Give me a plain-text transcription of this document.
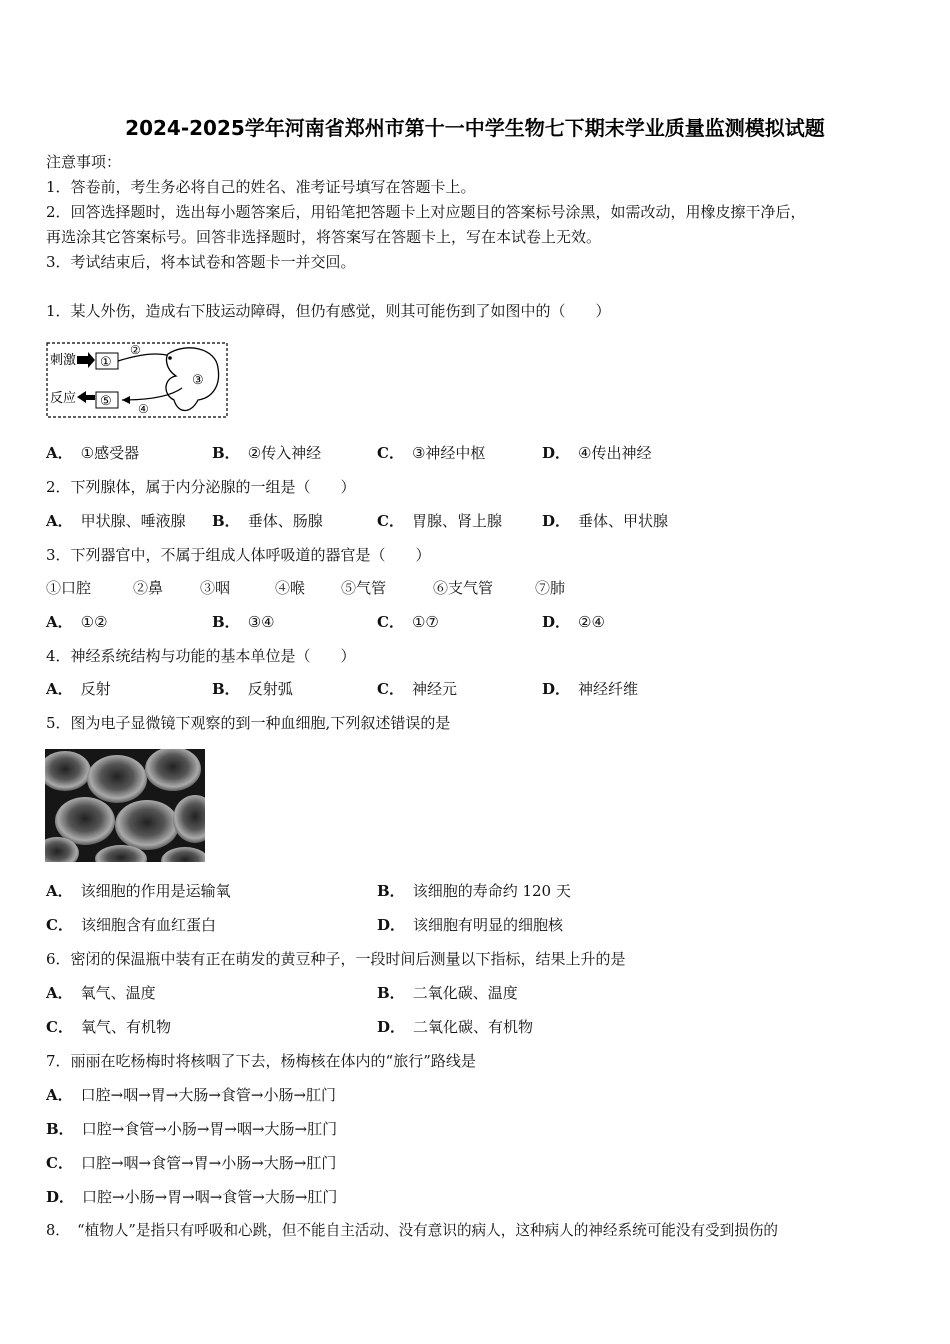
2024-2025学年河南省郑州市第十一中学生物七下期末学业质量监测模拟试题
注意事项：
1．答卷前，考生务必将自己的姓名、准考证号填写在答题卡上。
2．回答选择题时，选出每小题答案后，用铅笔把答题卡上对应题目的答案标号涂黑，如需改动，用橡皮擦干净后，
再选涂其它答案标号。回答非选择题时，将答案写在答题卡上，写在本试卷上无效。
3．考试结束后，将本试卷和答题卡一并交回。
1．某人外伤，造成右下肢运动障碍，但仍有感觉，则其可能伤到了如图中的（　　）
刺激 ①
反应 ⑤
②
③
④
A． ①感受器	B． ②传入神经	C． ③神经中枢	D． ④传出神经
2．下列腺体，属于内分泌腺的一组是（　　）
A． 甲状腺、唾液腺 B． 垂体、肠腺	C． 胃腺、肾上腺	D． 垂体、甲状腺
3．下列器官中，不属于组成人体呼吸道的器官是（　　）
①口腔	②鼻 ③咽	④喉 ⑤气管	⑥支气管	⑦肺
A． ①②	B． ③④	C． ①⑦	D． ②④
4．神经系统结构与功能的基本单位是（　　）
A． 反射	B． 反射弧	C． 神经元	D． 神经纤维
5．图为电子显微镜下观察的到一种血细胞,下列叙述错误的是
A． 该细胞的作用是运输氧	B． 该细胞的寿命约 120 天
C． 该细胞含有血红蛋白	D． 该细胞有明显的细胞核
6．密闭的保温瓶中装有正在萌发的黄豆种子，一段时间后测量以下指标，结果上升的是
A． 氧气、温度	B． 二氧化碳、温度
C． 氧气、有机物	D． 二氧化碳、有机物
7．丽丽在吃杨梅时将核咽了下去，杨梅核在体内的“旅行”路线是
A． 口腔→咽→胃→大肠→食管→小肠→肛门
B． 口腔→食管→小肠→胃→咽→大肠→肛门
C． 口腔→咽→食管→胃→小肠→大肠→肛门
D． 口腔→小肠→胃→咽→食管→大肠→肛门
8．　“植物人”是指只有呼吸和心跳，但不能自主活动、没有意识的病人，这种病人的神经系统可能没有受到损伤的
